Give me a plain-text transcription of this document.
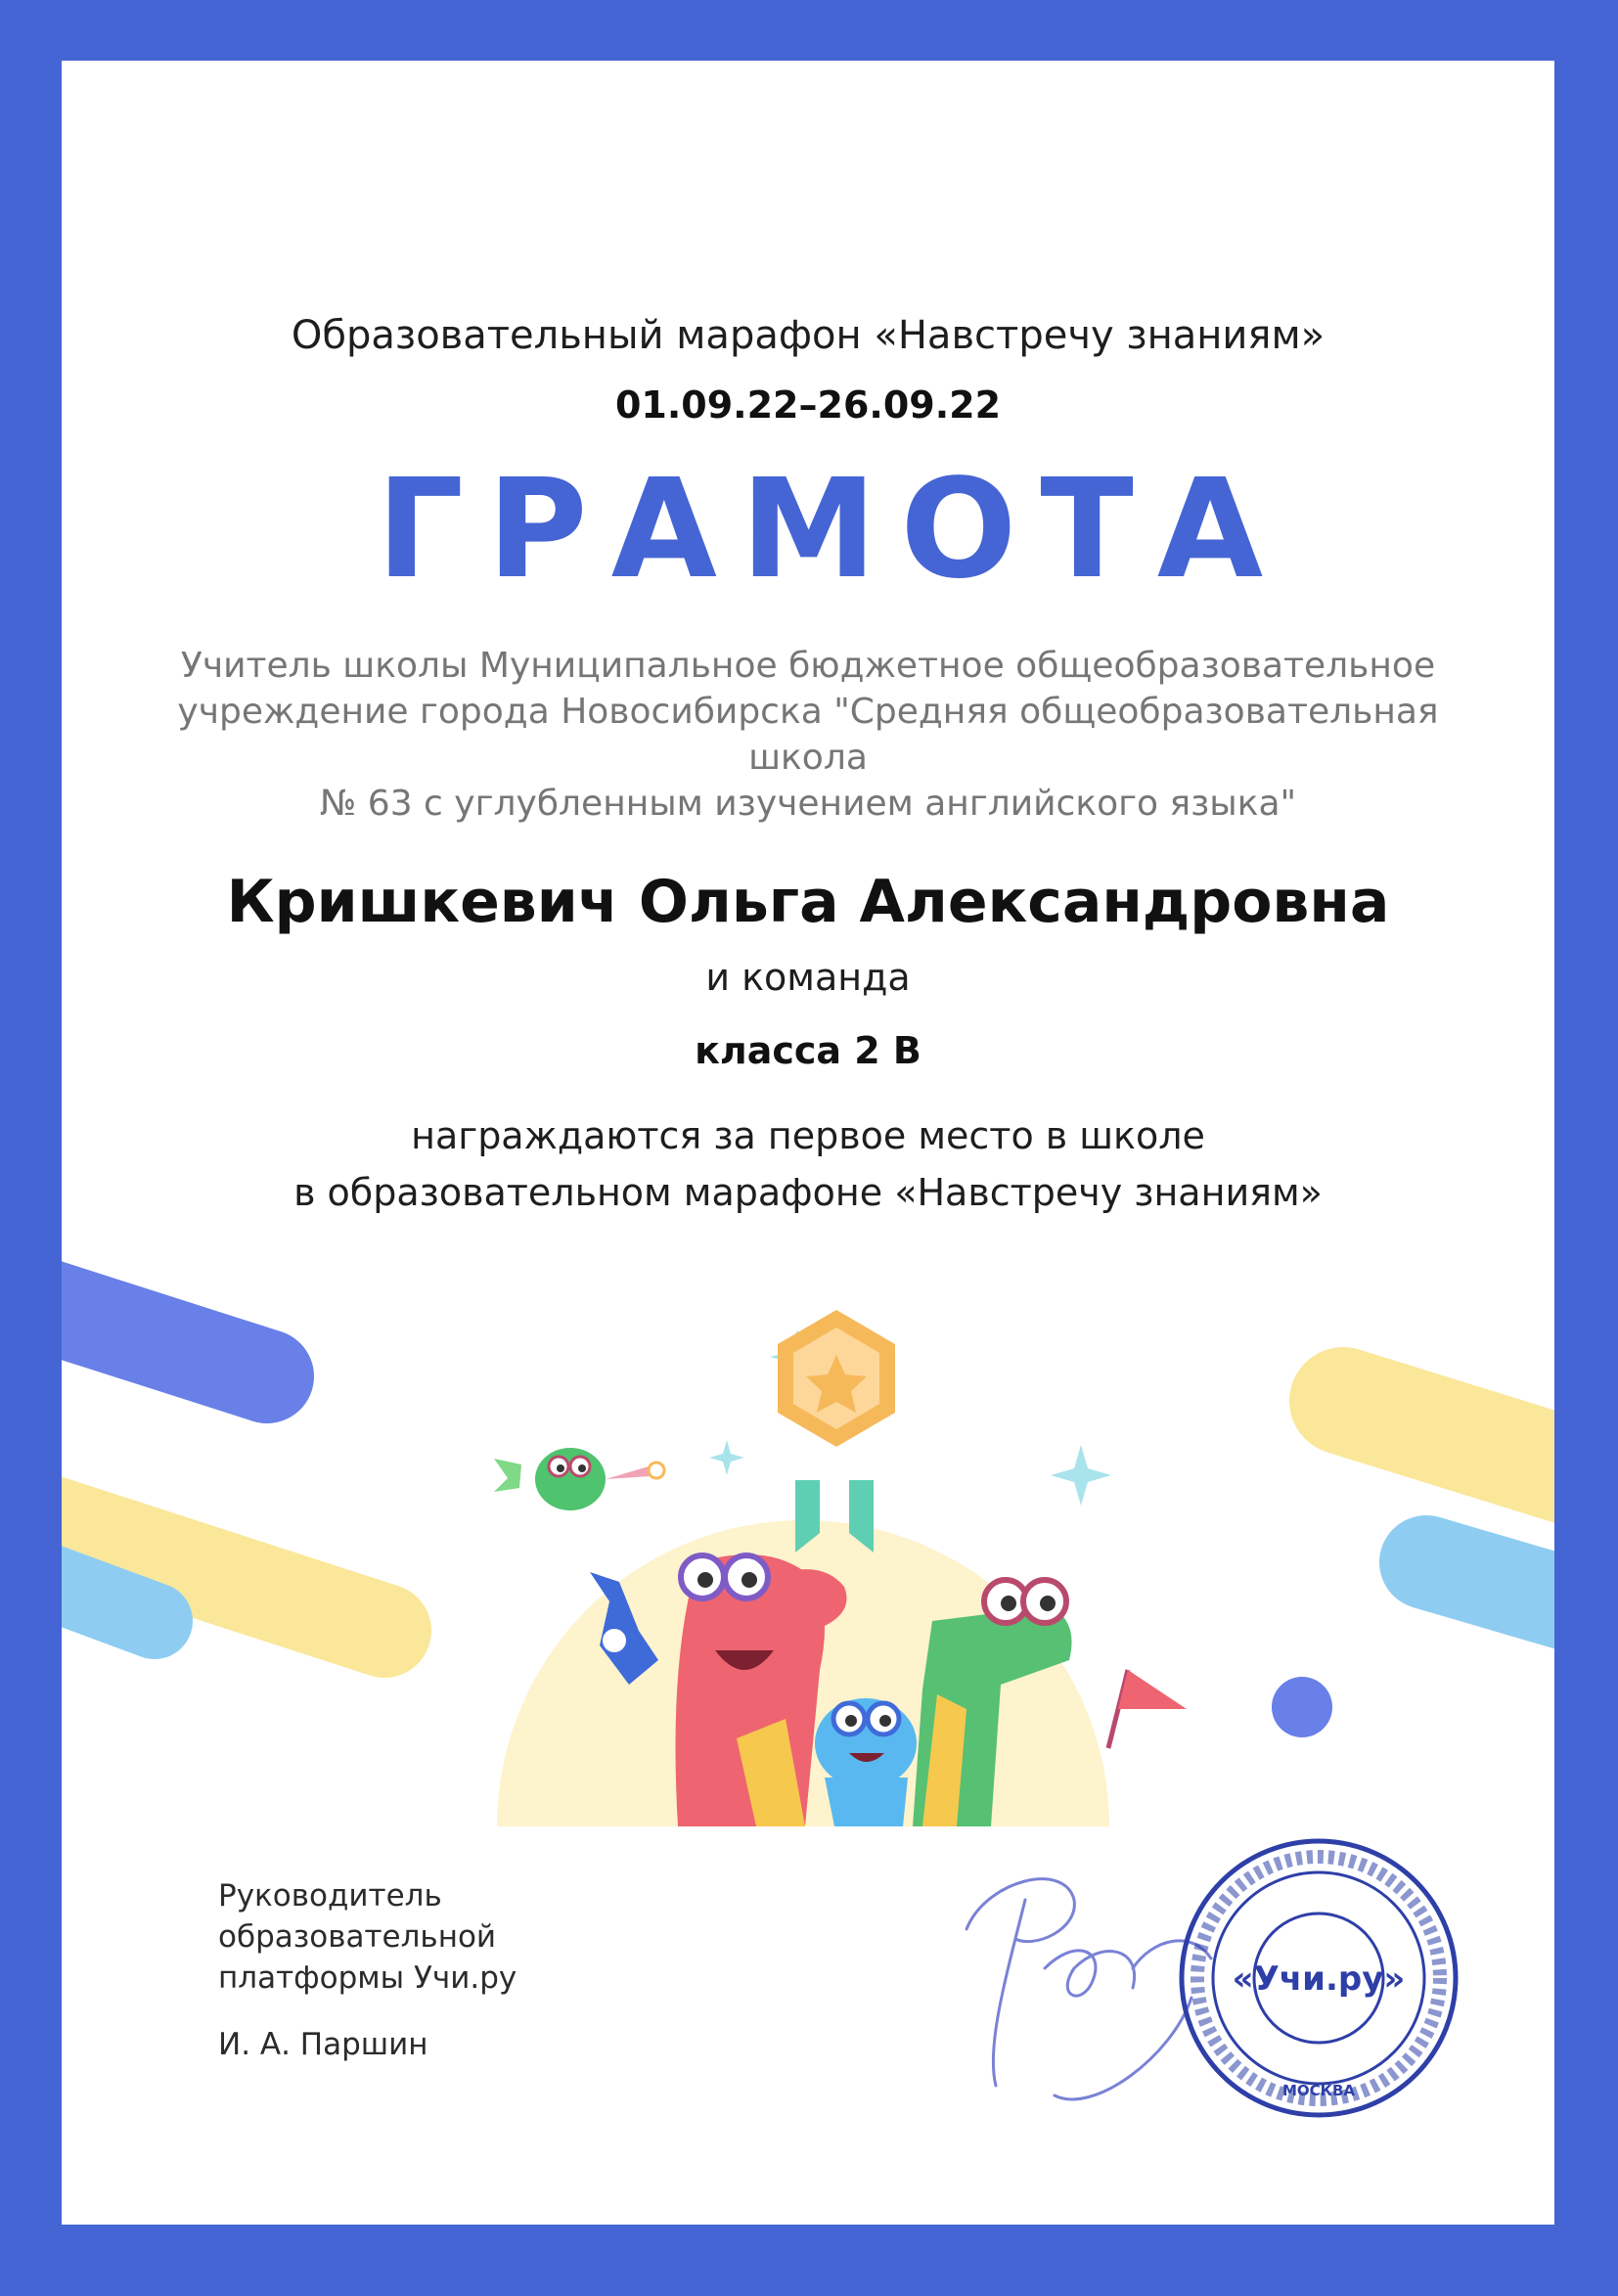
Образовательный марафон «Навстречу знаниям»
01.09.22–26.09.22
ГРАМОТА
Учитель школы Муниципальное бюджетное общеобразовательное
учреждение города Новосибирска "Средняя общеобразовательная школа
№ 63 с углубленным изучением английского языка"
Кришкевич Ольга Александровна
и команда
класса 2 В
награждаются за первое место в школе
в образовательном марафоне «Навстречу знаниям»
Руководитель
образовательной
платформы Учи.ру
И. А. Паршин
«Учи.ру»
МОСКВА
